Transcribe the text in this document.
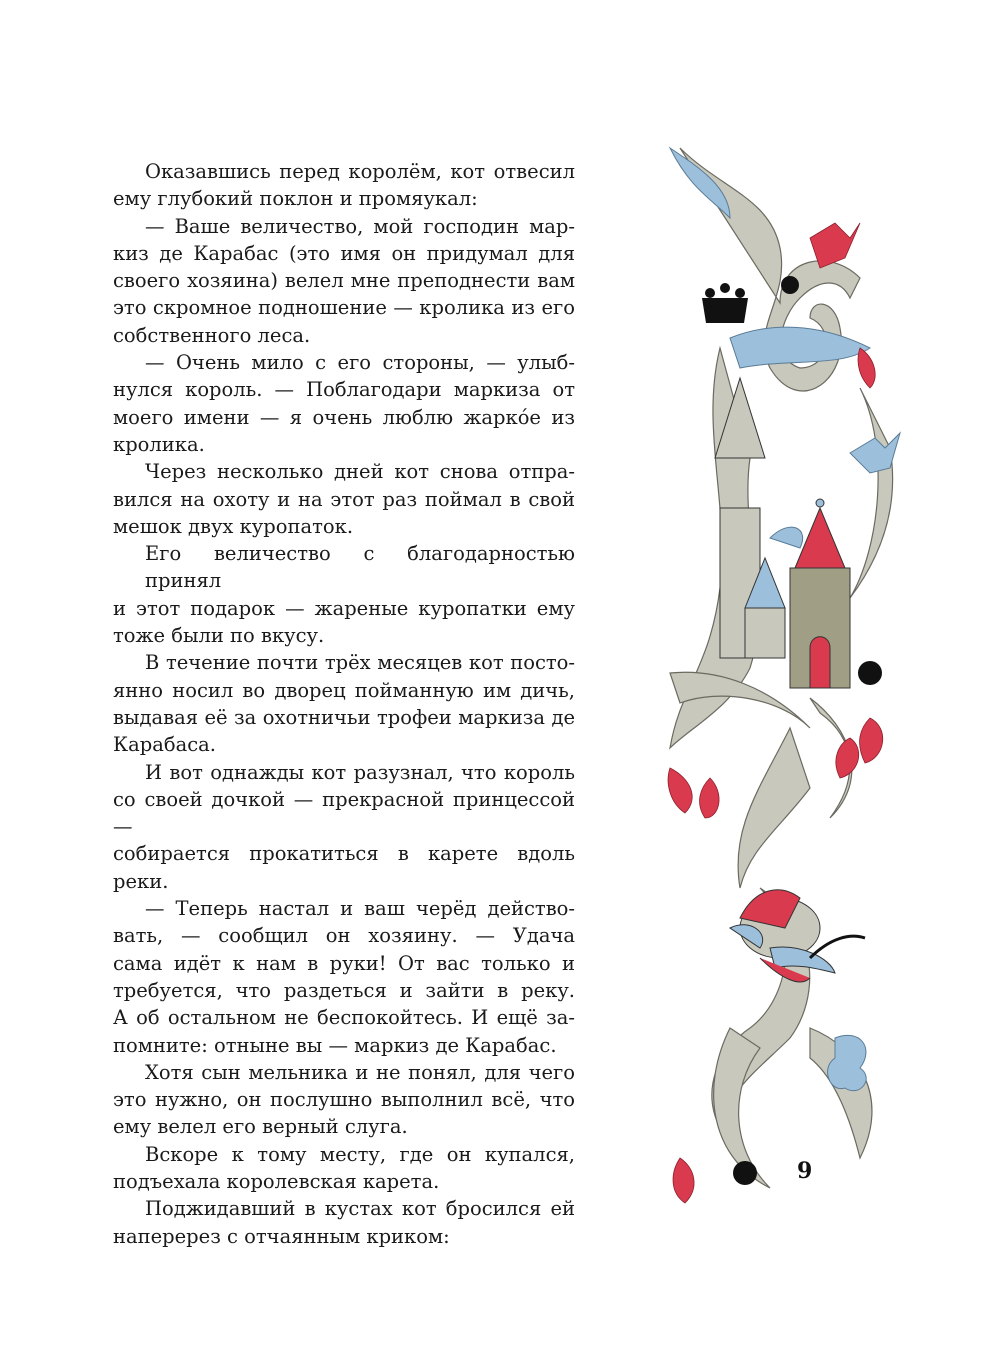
Оказавшись перед королём, кот отвесил
ему глубокий поклон и промяукал:

— Ваше величество, мой господин мар-
киз де Карабас (это имя он придумал для
своего хозяина) велел мне преподнести вам
это скромное подношение — кролика из его
собственного леса.

— Очень мило с его стороны, — улыб-
нулся король. — Поблагодари маркиза от
моего имени — я очень люблю жаркóе из
кролика.

Через несколько дней кот снова отпра-
вился на охоту и на этот раз поймал в свой
мешок двух куропаток.

Его величество с благодарностью принял
и этот подарок — жареные куропатки ему
тоже были по вкусу.

В течение почти трёх месяцев кот посто-
янно носил во дворец пойманную им дичь,
выдавая её за охотничьи трофеи маркиза де
Карабаса.

И вот однажды кот разузнал, что король
со своей дочкой — прекрасной принцессой —
собирается прокатиться в карете вдоль реки.

— Теперь настал и ваш черёд действо-
вать, — сообщил он хозяину. — Удача
сама идёт к нам в руки! От вас только и
требуется, что раздеться и зайти в реку.
А об остальном не беспокойтесь. И ещё за-
помните: отныне вы — маркиз де Карабас.

Хотя сын мельника и не понял, для чего
это нужно, он послушно выполнил всё, что
ему велел его верный слуга.

Вскоре к тому месту, где он купался,
подъехала королевская карета.

Поджидавший в кустах кот бросился ей
наперерез с отчаянным криком:

9
